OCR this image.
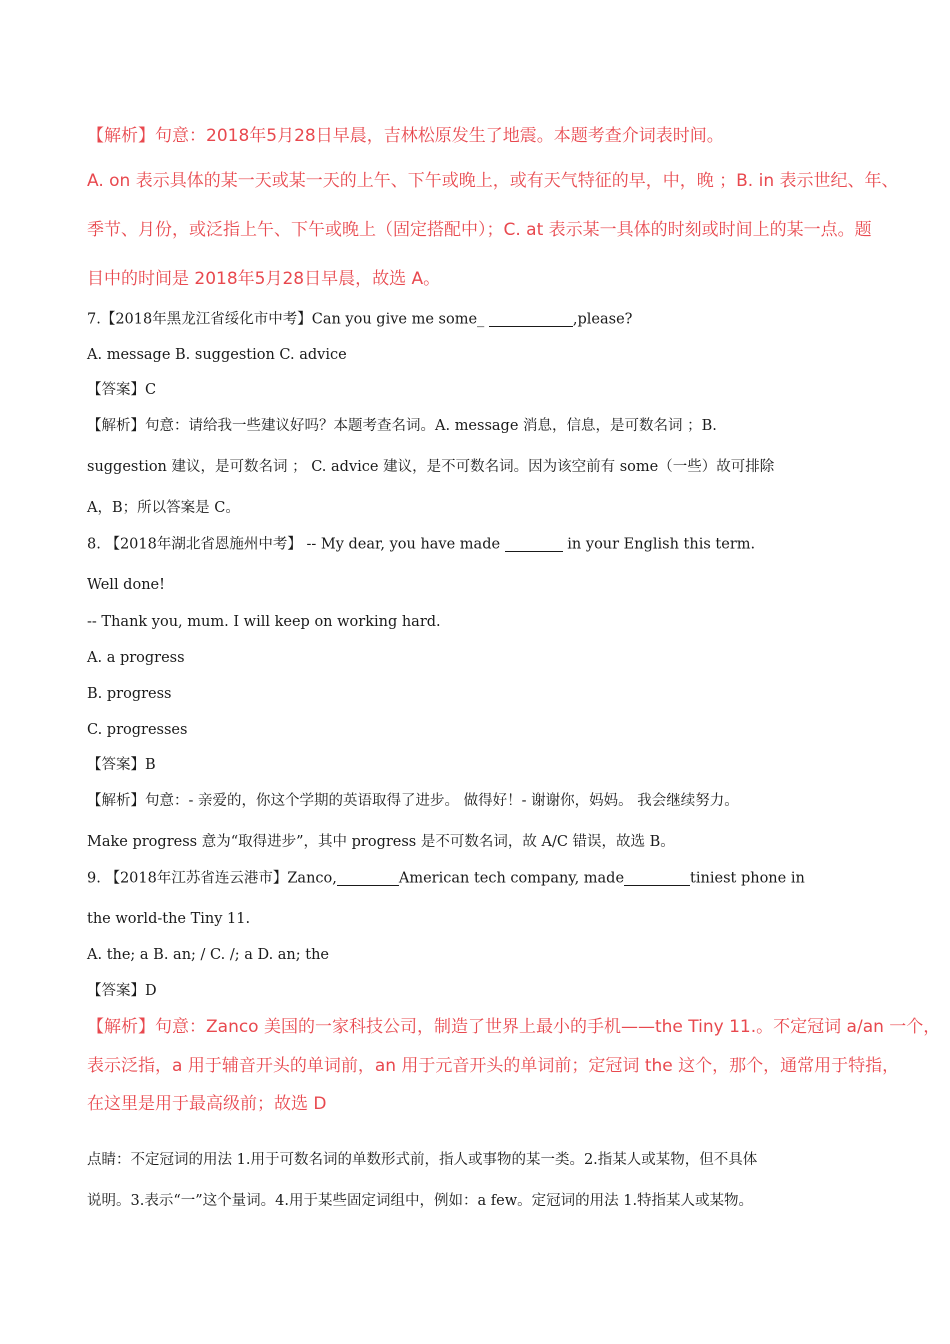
【解析】句意：2018年5月28日早晨，吉林松原发生了地震。本题考查介词表时间。
A. on 表示具体的某一天或某一天的上午、下午或晚上，或有天气特征的早，中，晚 ；B. in 表示世纪、年、
季节、月份，或泛指上午、下午或晚上（固定搭配中）；C. at 表示某一具体的时刻或时间上的某一点。题
目中的时间是 2018年5月28日早晨，故选 A。
7.【2018年黑龙江省绥化市中考】Can you give me some_	,please?
A. message B. suggestion C. advice
【答案】C
【解析】句意：请给我一些建议好吗？本题考查名词。A. message 消息，信息，是可数名词 ；B.
suggestion 建议，是可数名词 ； C. advice 建议，是不可数名词。因为该空前有 some（一些）故可排除
A，B；所以答案是 C。
8. 【2018年湖北省恩施州中考】 -- My dear, you have made	in your English this term.
Well done!
-- Thank you, mum. I will keep on working hard.
A. a progress
B. progress
C. progresses
【答案】B
【解析】句意：- 亲爱的，你这个学期的英语取得了进步。 做得好！- 谢谢你，妈妈。 我会继续努力。
Make progress 意为“取得进步”，其中 progress 是不可数名词，故 A/C 错误，故选 B。
9. 【2018年江苏省连云港市】Zanco,	American tech company, made	tiniest phone in
the world-the Tiny 11.
A. the; a B. an; / C. /; a D. an; the
【答案】D
【解析】句意：Zanco 美国的一家科技公司，制造了世界上最小的手机——the Tiny 11.。不定冠词 a/an 一个，
表示泛指，a 用于辅音开头的单词前，an 用于元音开头的单词前；定冠词 the 这个，那个，通常用于特指，
在这里是用于最高级前；故选 D
点睛：不定冠词的用法 1.用于可数名词的单数形式前，指人或事物的某一类。2.指某人或某物，但不具体
说明。3.表示“一”这个量词。4.用于某些固定词组中，例如：a few。定冠词的用法 1.特指某人或某物。
